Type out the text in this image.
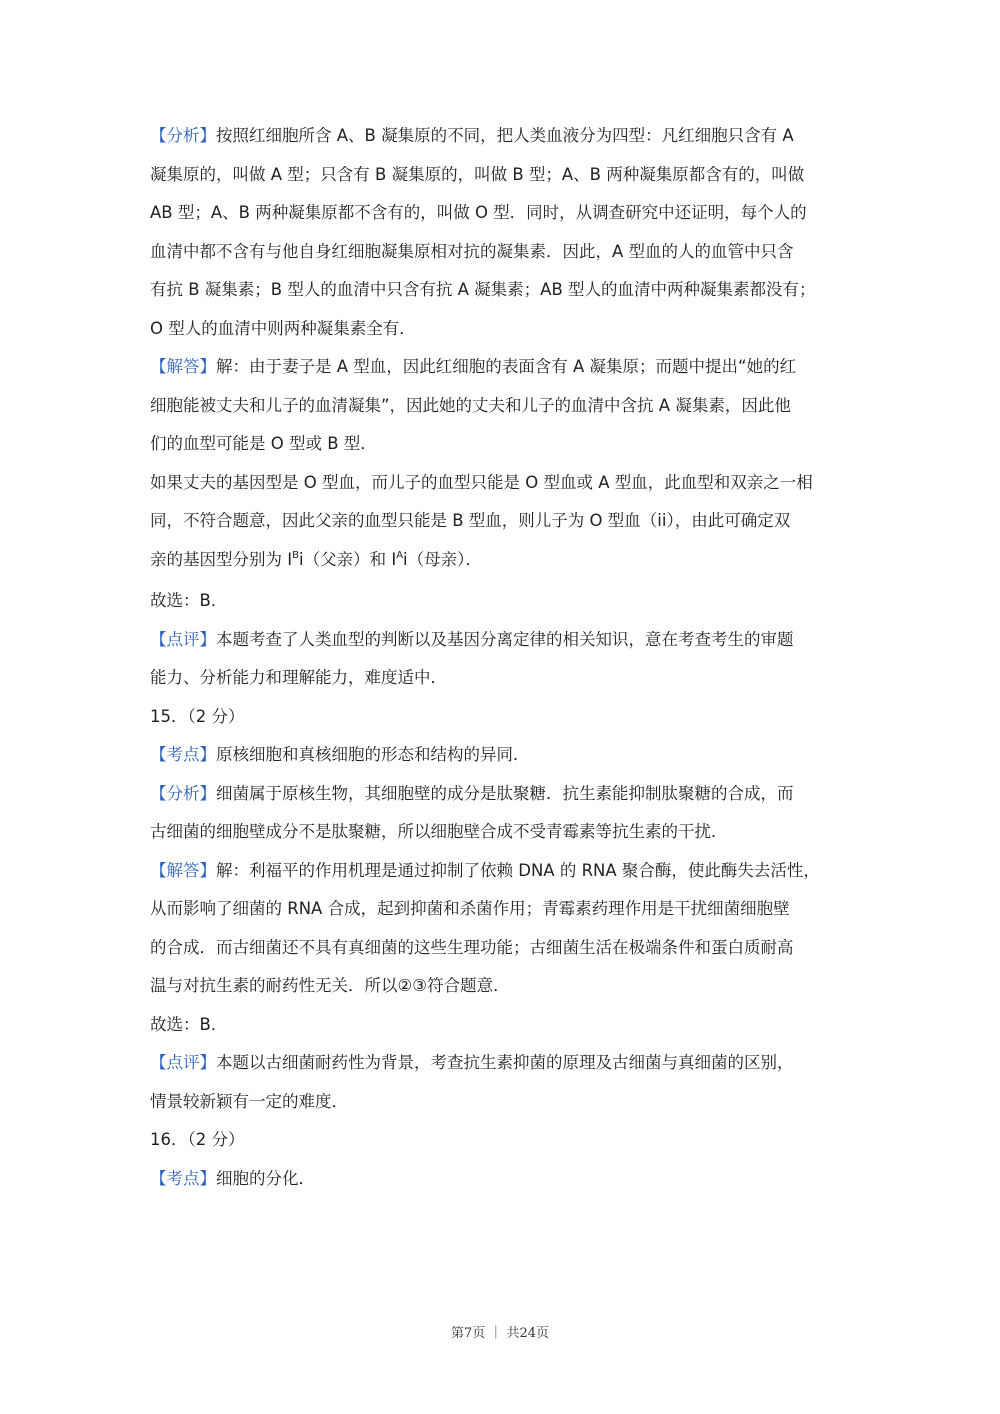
【分析】按照红细胞所含 A、B 凝集原的不同，把人类血液分为四型：凡红细胞只含有 A
凝集原的，叫做 A 型；只含有 B 凝集原的，叫做 B 型；A、B 两种凝集原都含有的，叫做
AB 型；A、B 两种凝集原都不含有的，叫做 O 型．同时，从调查研究中还证明，每个人的
血清中都不含有与他自身红细胞凝集原相对抗的凝集素．因此，A 型血的人的血管中只含
有抗 B 凝集素；B 型人的血清中只含有抗 A 凝集素；AB 型人的血清中两种凝集素都没有；
O 型人的血清中则两种凝集素全有．
【解答】解：由于妻子是 A 型血，因此红细胞的表面含有 A 凝集原；而题中提出“她的红
细胞能被丈夫和儿子的血清凝集”，因此她的丈夫和儿子的血清中含抗 A 凝集素，因此他
们的血型可能是 O 型或 B 型．
如果丈夫的基因型是 O 型血，而儿子的血型只能是 O 型血或 A 型血，此血型和双亲之一相
同，不符合题意，因此父亲的血型只能是 B 型血，则儿子为 O 型血（ii），由此可确定双
亲的基因型分别为 $I^Bi$（父亲）和 $I^Ai$（母亲）．
故选：B．
【点评】本题考查了人类血型的判断以及基因分离定律的相关知识，意在考查考生的审题
能力、分析能力和理解能力，难度适中．
15．（2 分）
【考点】原核细胞和真核细胞的形态和结构的异同．
【分析】细菌属于原核生物，其细胞壁的成分是肽聚糖．抗生素能抑制肽聚糖的合成，而
古细菌的细胞壁成分不是肽聚糖，所以细胞壁合成不受青霉素等抗生素的干扰．
【解答】解：利福平的作用机理是通过抑制了依赖 DNA 的 RNA 聚合酶，使此酶失去活性，
从而影响了细菌的 RNA 合成，起到抑菌和杀菌作用；青霉素药理作用是干扰细菌细胞壁
的合成．而古细菌还不具有真细菌的这些生理功能；古细菌生活在极端条件和蛋白质耐高
温与对抗生素的耐药性无关．所以②③符合题意．
故选：B．
【点评】本题以古细菌耐药性为背景，考查抗生素抑菌的原理及古细菌与真细菌的区别，
情景较新颖有一定的难度．
16．（2 分）
【考点】细胞的分化．
第7页 ｜ 共24页
